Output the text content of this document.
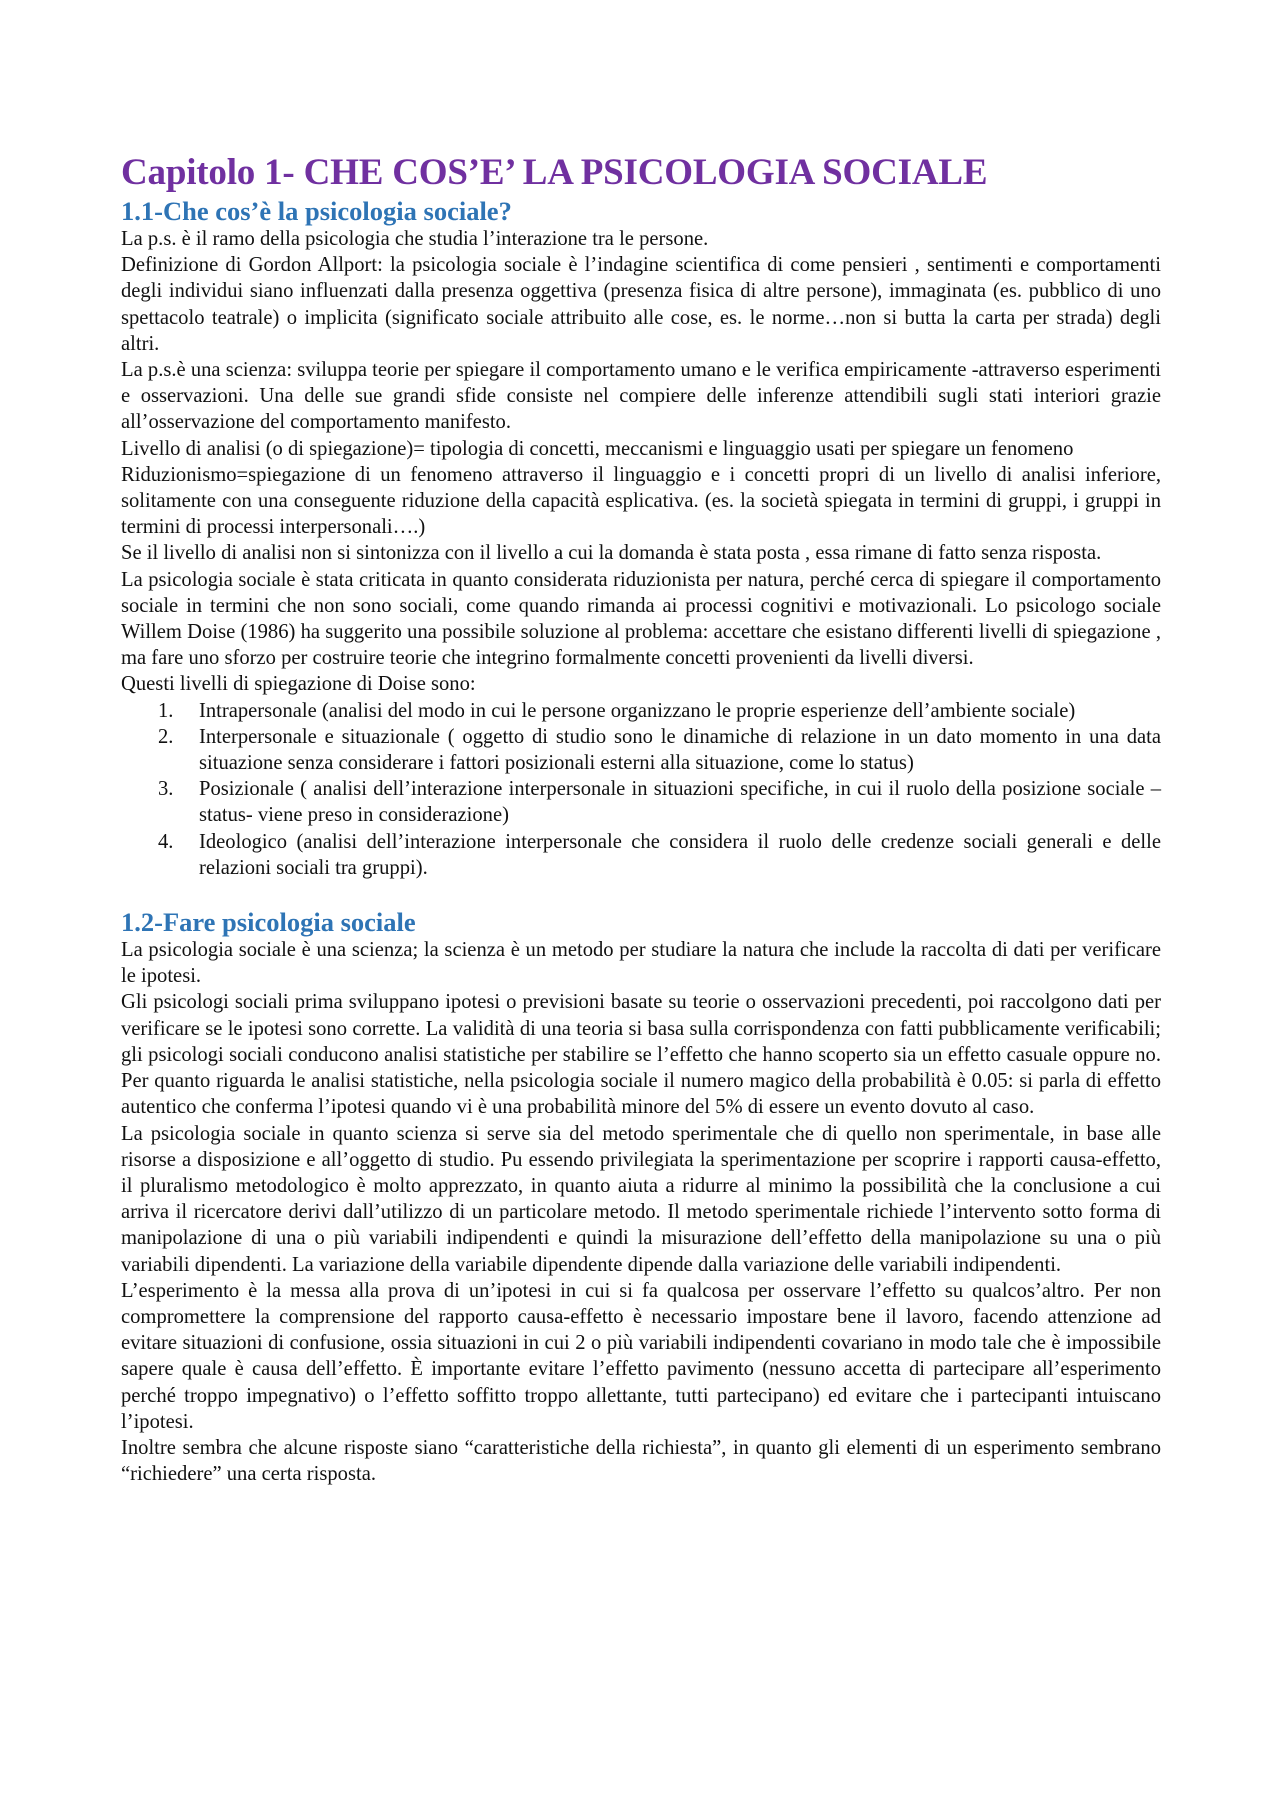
Capitolo 1- CHE COS’E’ LA PSICOLOGIA SOCIALE
1.1-Che cos’è la psicologia sociale?

La p.s. è il ramo della psicologia che studia l’interazione tra le persone.

Definizione di Gordon Allport: la psicologia sociale è l’indagine scientifica di come pensieri , sentimenti e comportamenti degli individui siano influenzati dalla presenza oggettiva (presenza fisica di altre persone), immaginata (es. pubblico di uno spettacolo teatrale) o implicita (significato sociale attribuito alle cose, es. le norme…non si butta la carta per strada) degli altri.

La p.s.è una scienza: sviluppa teorie per spiegare il comportamento umano e le verifica empiricamente -attraverso esperimenti e osservazioni. Una delle sue grandi sfide consiste nel compiere delle inferenze attendibili sugli stati interiori grazie all’osservazione del comportamento manifesto.

Livello di analisi (o di spiegazione)= tipologia di concetti, meccanismi e linguaggio usati per spiegare un fenomeno

Riduzionismo=spiegazione di un fenomeno attraverso il linguaggio e i concetti propri di un livello di analisi inferiore, solitamente con una conseguente riduzione della capacità esplicativa. (es. la società spiegata in termini di gruppi, i gruppi in termini di processi interpersonali….)

Se il livello di analisi non si sintonizza con il livello a cui la domanda è stata posta , essa rimane di fatto senza risposta.

La psicologia sociale è stata criticata in quanto considerata riduzionista per natura, perché cerca di spiegare il comportamento sociale in termini che non sono sociali, come quando rimanda ai processi cognitivi e motivazionali. Lo psicologo sociale Willem Doise (1986) ha suggerito una possibile soluzione al problema: accettare che esistano differenti livelli di spiegazione , ma fare uno sforzo per costruire teorie che integrino formalmente concetti provenienti da livelli diversi.

Questi livelli di spiegazione di Doise sono:

1. Intrapersonale (analisi del modo in cui le persone organizzano le proprie esperienze dell’ambiente sociale)
2. Interpersonale e situazionale ( oggetto di studio sono le dinamiche di relazione in un dato momento in una data situazione senza considerare i fattori posizionali esterni alla situazione, come lo status)
3. Posizionale ( analisi dell’interazione interpersonale in situazioni specifiche, in cui il ruolo della posizione sociale –status- viene preso in considerazione)
4. Ideologico (analisi dell’interazione interpersonale che considera il ruolo delle credenze sociali generali e delle relazioni sociali tra gruppi).
1.2-Fare psicologia sociale

La psicologia sociale è una scienza; la scienza è un metodo per studiare la natura che include la raccolta di dati per verificare le ipotesi.

Gli psicologi sociali prima sviluppano ipotesi o previsioni basate su teorie o osservazioni precedenti, poi raccolgono dati per verificare se le ipotesi sono corrette. La validità di una teoria si basa sulla corrispondenza con fatti pubblicamente verificabili; gli psicologi sociali conducono analisi statistiche per stabilire se l’effetto che hanno scoperto sia un effetto casuale oppure no. Per quanto riguarda le analisi statistiche, nella psicologia sociale il numero magico della probabilità è 0.05: si parla di effetto autentico che conferma l’ipotesi quando vi è una probabilità minore del 5% di essere un evento dovuto al caso.

La psicologia sociale in quanto scienza si serve sia del metodo sperimentale che di quello non sperimentale, in base alle risorse a disposizione e all’oggetto di studio. Pu essendo privilegiata la sperimentazione per scoprire i rapporti causa-effetto, il pluralismo metodologico è molto apprezzato, in quanto aiuta a ridurre al minimo la possibilità che la conclusione a cui arriva il ricercatore derivi dall’utilizzo di un particolare metodo. Il metodo sperimentale richiede l’intervento sotto forma di manipolazione di una o più variabili indipendenti e quindi la misurazione dell’effetto della manipolazione su una o più variabili dipendenti. La variazione della variabile dipendente dipende dalla variazione delle variabili indipendenti.

L’esperimento è la messa alla prova di un’ipotesi in cui si fa qualcosa per osservare l’effetto su qualcos’altro. Per non compromettere la comprensione del rapporto causa-effetto è necessario impostare bene il lavoro, facendo attenzione ad evitare situazioni di confusione, ossia situazioni in cui 2 o più variabili indipendenti covariano in modo tale che è impossibile sapere quale è causa dell’effetto. È importante evitare l’effetto pavimento (nessuno accetta di partecipare all’esperimento perché troppo impegnativo) o l’effetto soffitto troppo allettante, tutti partecipano) ed evitare che i partecipanti intuiscano l’ipotesi.

Inoltre sembra che alcune risposte siano “caratteristiche della richiesta”, in quanto gli elementi di un esperimento sembrano “richiedere” una certa risposta.
